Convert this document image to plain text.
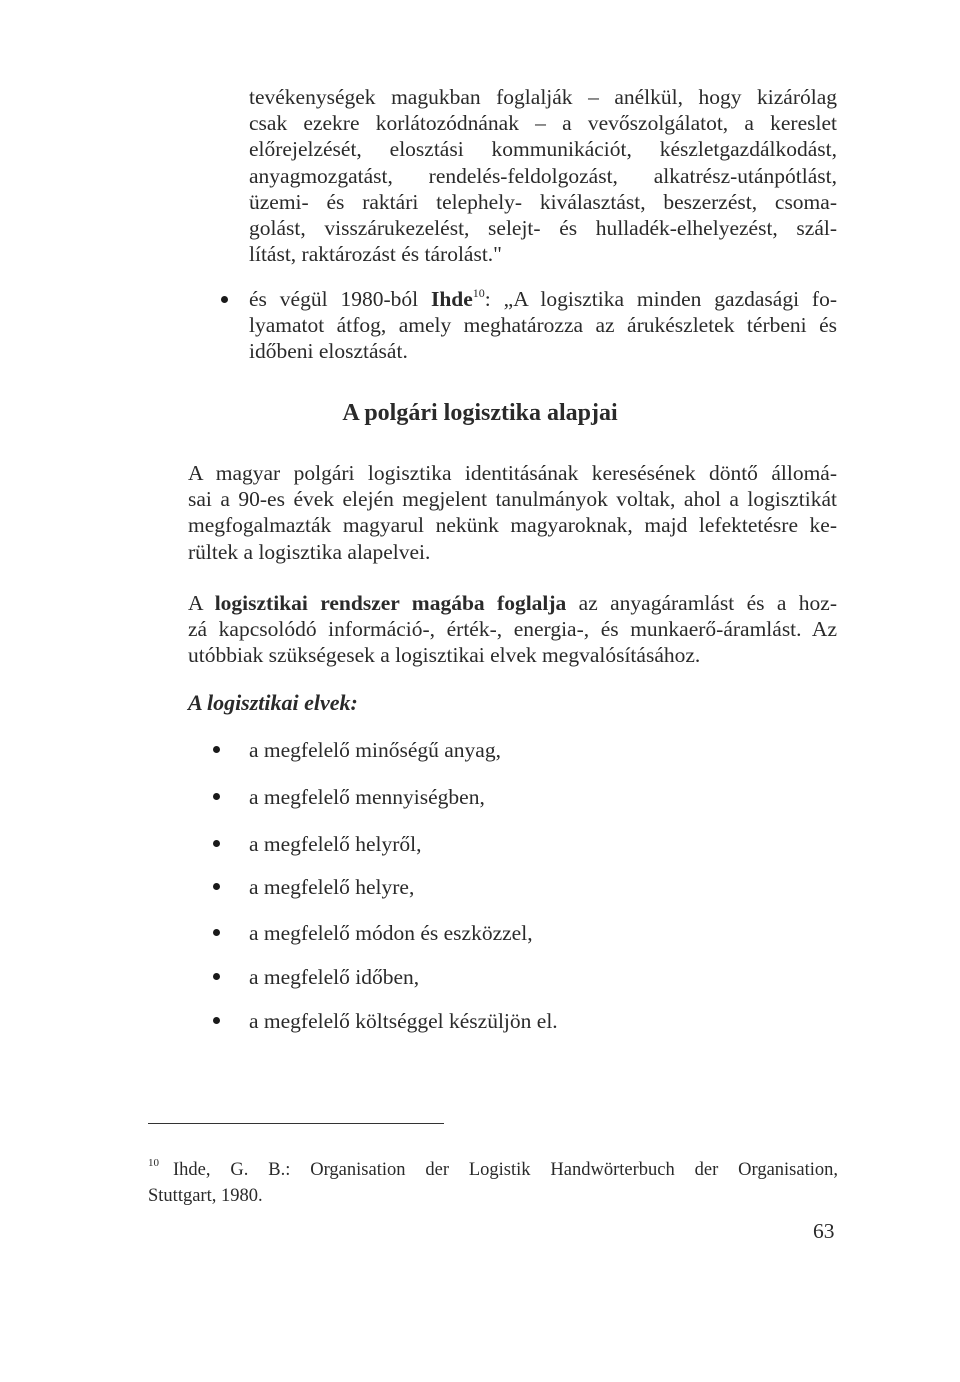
tevékenységek magukban foglalják – anélkül, hogy kizárólag
csak ezekre korlátozódnának – a vevőszolgálatot, a kereslet
előrejelzését, elosztási kommunikációt, készletgazdálkodást,
anyagmozgatást, rendelés-feldolgozást, alkatrész-utánpótlást,
üzemi- és raktári telephely- kiválasztást, beszerzést, csoma-
golást, visszárukezelést, selejt- és hulladék-elhelyezést, szál-
lítást, raktározást és tárolást."
és végül 1980-ból Ihde$^{10}$: „A logisztika minden gazdasági fo-
lyamatot átfog, amely meghatározza az árukészletek térbeni és
időbeni elosztását.
A polgári logisztika alapjai
A magyar polgári logisztika identitásának keresésének döntő állomá-
sai a 90-es évek elején megjelent tanulmányok voltak, ahol a logisztikát
megfogalmazták magyarul nekünk magyaroknak, majd lefektetésre ke-
rültek a logisztika alapelvei.
A logisztikai rendszer magába foglalja az anyagáramlást és a hoz-
zá kapcsolódó információ-, érték-, energia-, és munkaerő-áramlást. Az
utóbbiak szükségesek a logisztikai elvek megvalósításához.
A logisztikai elvek:
a megfelelő minőségű anyag,
a megfelelő mennyiségben,
a megfelelő helyről,
a megfelelő helyre,
a megfelelő módon és eszközzel,
a megfelelő időben,
a megfelelő költséggel készüljön el.
$^{10}$ Ihde, G. B.: Organisation der Logistik Handwörterbuch der Organisation,
Stuttgart, 1980.
63
